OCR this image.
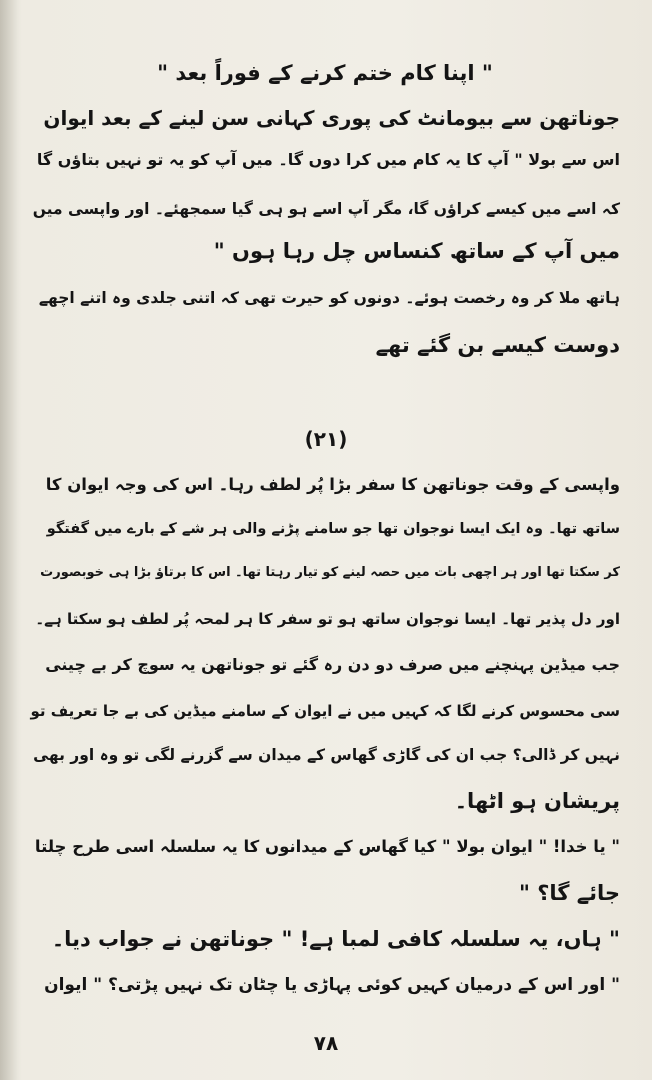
" اپنا کام ختم کرنے کے فوراً بعد "

جوناتھن سے بیومانٹ کی پوری کہانی سن لینے کے بعد ایوان

اس سے بولا " آپ کا یہ کام میں کرا دوں گا۔ میں آپ کو یہ تو نہیں بتاؤں گا

کہ اسے میں کیسے کراؤں گا، مگر آپ اسے ہو ہی گیا سمجھئے۔ اور واپسی میں

میں آپ کے ساتھ کنساس چل رہا ہوں "

ہاتھ ملا کر وہ رخصت ہوئے۔ دونوں کو حیرت تھی کہ اتنی جلدی وہ اتنے اچھے

دوست کیسے بن گئے تھے

(۲۱)

واپسی کے وقت جوناتھن کا سفر بڑا پُر لطف رہا۔ اس کی وجہ ایوان کا

ساتھ تھا۔ وہ ایک ایسا نوجوان تھا جو سامنے پڑنے والی ہر شے کے بارے میں گفتگو

کر سکتا تھا اور ہر اچھی بات میں حصہ لینے کو تیار رہتا تھا۔ اس کا برتاؤ بڑا ہی خوبصورت

اور دل پذیر تھا۔ ایسا نوجوان ساتھ ہو تو سفر کا ہر لمحہ پُر لطف ہو سکتا ہے۔

جب میڈین پہنچنے میں صرف دو دن رہ گئے تو جوناتھن یہ سوچ کر بے چینی

سی محسوس کرنے لگا کہ کہیں میں نے ایوان کے سامنے میڈین کی بے جا تعریف تو

نہیں کر ڈالی؟ جب ان کی گاڑی گھاس کے میدان سے گزرنے لگی تو وہ اور بھی

پریشان ہو اٹھا۔

" یا خدا! " ایوان بولا " کیا گھاس کے میدانوں کا یہ سلسلہ اسی طرح چلتا

جائے گا؟ "

" ہاں، یہ سلسلہ کافی لمبا ہے! " جوناتھن نے جواب دیا۔

" اور اس کے درمیان کہیں کوئی پہاڑی یا چٹان تک نہیں پڑتی؟ " ایوان

۷۸
